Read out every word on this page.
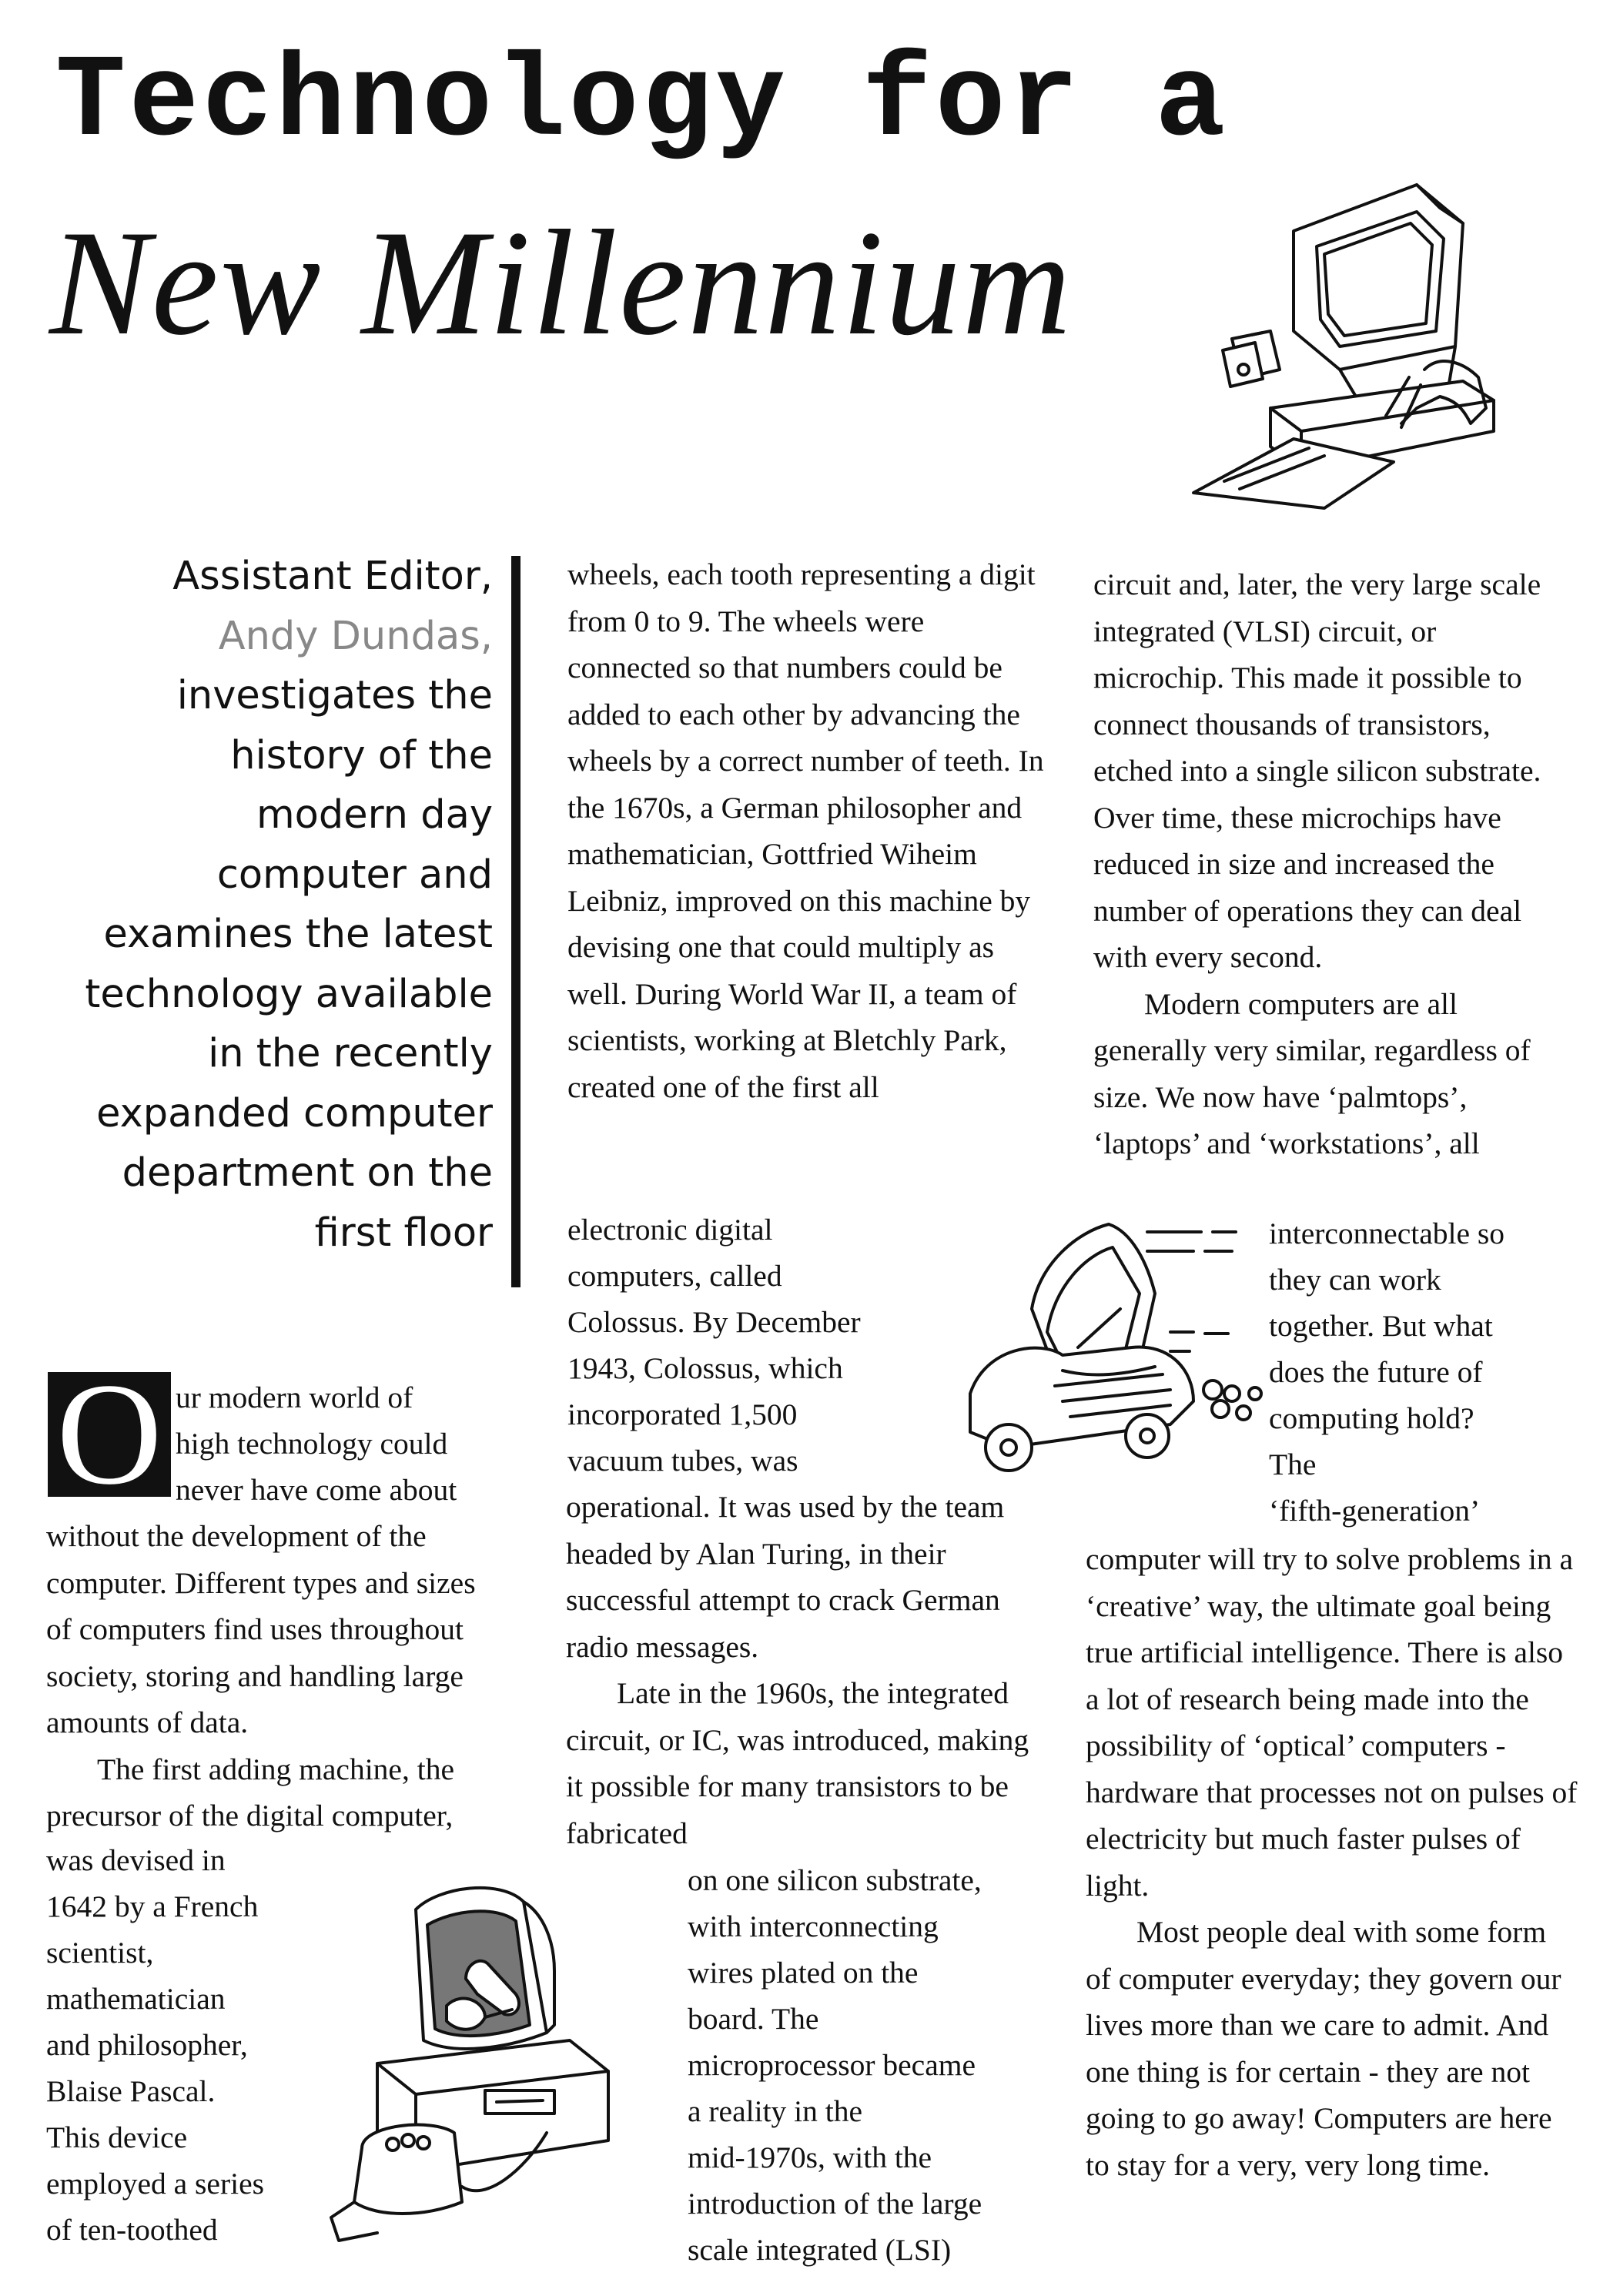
Technology for a
New Millennium
Assistant Editor,
Andy Dundas,
investigates the
history of the
modern day
computer and
examines the latest
technology available
in the recently
expanded computer
department on the
first floor
O ur modern world of
high technology could
never have come about

without the development of the computer. Different types and sizes of computers find uses throughout society, storing and handling large amounts of data.

The first adding machine, the precursor of the digital computer,

was devised in
1642 by a French
scientist,
mathematician
and philosopher,
Blaise Pascal.
This device
employed a series
of ten-toothed

wheels, each tooth representing a digit from 0 to 9. The wheels were connected so that numbers could be added to each other by advancing the wheels by a correct number of teeth. In the 1670s, a German philosopher and mathematician, Gottfried Wiheim Leibniz, improved on this machine by devising one that could multiply as well. During World War II, a team of scientists, working at Bletchly Park, created one of the first all

electronic digital
computers, called
Colossus. By December
1943, Colossus, which
incorporated 1,500
vacuum tubes, was

operational. It was used by the team headed by Alan Turing, in their successful attempt to crack German radio messages.

Late in the 1960s, the integrated circuit, or IC, was introduced, making it possible for many transistors to be fabricated

on one silicon substrate,
with interconnecting
wires plated on the
board. The
microprocessor became
a reality in the
mid-1970s, with the
introduction of the large
scale integrated (LSI)

circuit and, later, the very large scale integrated (VLSI) circuit, or microchip. This made it possible to connect thousands of transistors, etched into a single silicon substrate. Over time, these microchips have reduced in size and increased the number of operations they can deal with every second.

Modern computers are all generally very similar, regardless of size. We now have ‘palmtops’, ‘laptops’ and ‘workstations’, all

interconnectable so
they can work
together. But what
does the future of
computing hold?
The
‘fifth-generation’

computer will try to solve problems in a ‘creative’ way, the ultimate goal being true artificial intelligence. There is also a lot of research being made into the possibility of ‘optical’ computers - hardware that processes not on pulses of electricity but much faster pulses of light.

Most people deal with some form of computer everyday; they govern our lives more than we care to admit. And one thing is for certain - they are not going to go away! Computers are here to stay for a very, very long time.
